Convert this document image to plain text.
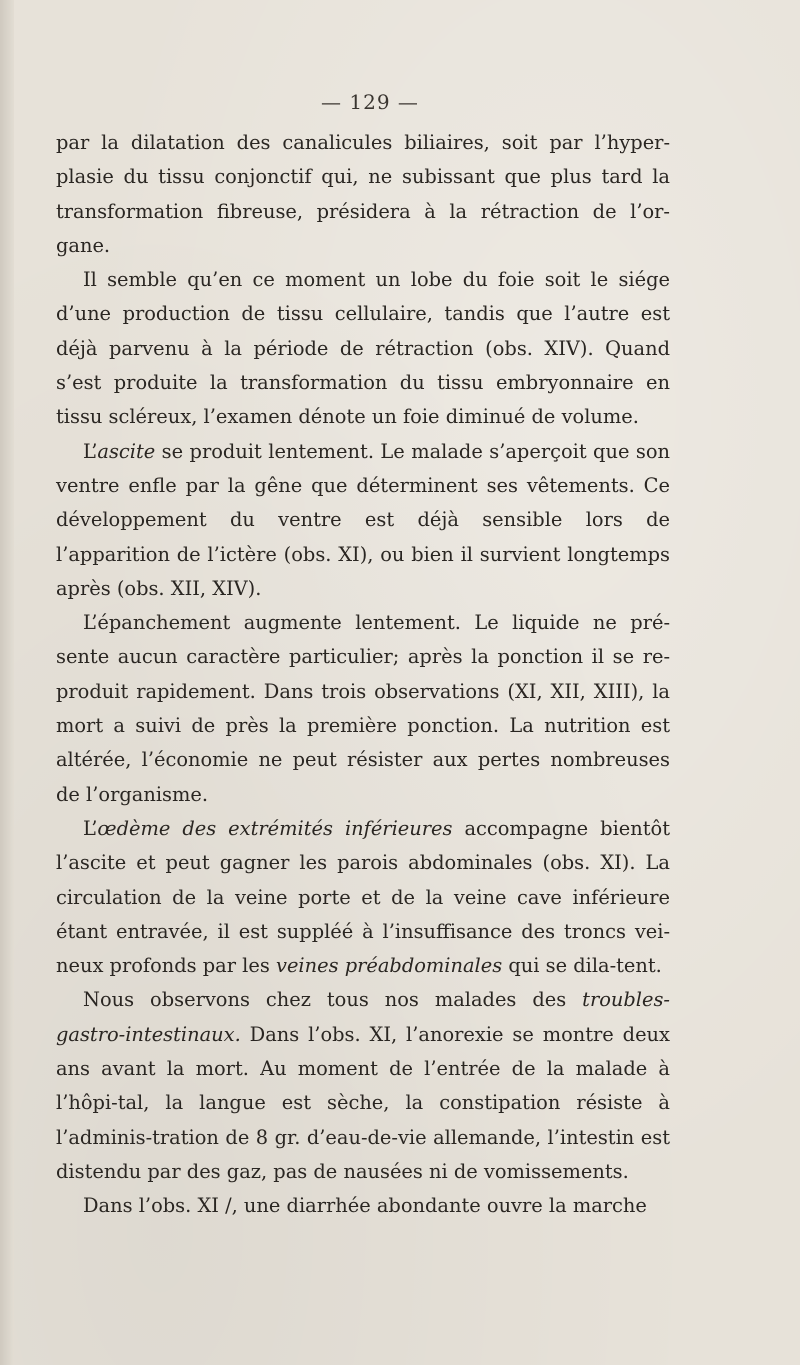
— 129 —

par la dilatation des canalicules biliaires, soit par l’hyper-plasie du tissu conjonctif qui, ne subissant que plus tard la transformation fibreuse, présidera à la rétraction de l’or-gane.

Il semble qu’en ce moment un lobe du foie soit le siége d’une production de tissu cellulaire, tandis que l’autre est déjà parvenu à la période de rétraction (obs. XIV). Quand s’est produite la transformation du tissu embryonnaire en tissu scléreux, l’examen dénote un foie diminué de volume.

L’ascite se produit lentement. Le malade s’aperçoit que son ventre enfle par la gêne que déterminent ses vêtements. Ce développement du ventre est déjà sensible lors de l’apparition de l’ictère (obs. XI), ou bien il survient longtemps après (obs. XII, XIV).

L’épanchement augmente lentement. Le liquide ne pré-sente aucun caractère particulier; après la ponction il se re-produit rapidement. Dans trois observations (XI, XII, XIII), la mort a suivi de près la première ponction. La nutrition est altérée, l’économie ne peut résister aux pertes nombreuses de l’organisme.

L’œdème des extrémités inférieures accompagne bientôt l’ascite et peut gagner les parois abdominales (obs. XI). La circulation de la veine porte et de la veine cave inférieure étant entravée, il est suppléé à l’insuffisance des troncs vei-neux profonds par les veines préabdominales qui se dila-tent.

Nous observons chez tous nos malades des troubles-gastro-intestinaux. Dans l’obs. XI, l’anorexie se montre deux ans avant la mort. Au moment de l’entrée de la malade à l’hôpi-tal, la langue est sèche, la constipation résiste à l’adminis-tration de 8 gr. d’eau-de-vie allemande, l’intestin est distendu par des gaz, pas de nausées ni de vomissements.

Dans l’obs. XI /, une diarrhée abondante ouvre la marche
